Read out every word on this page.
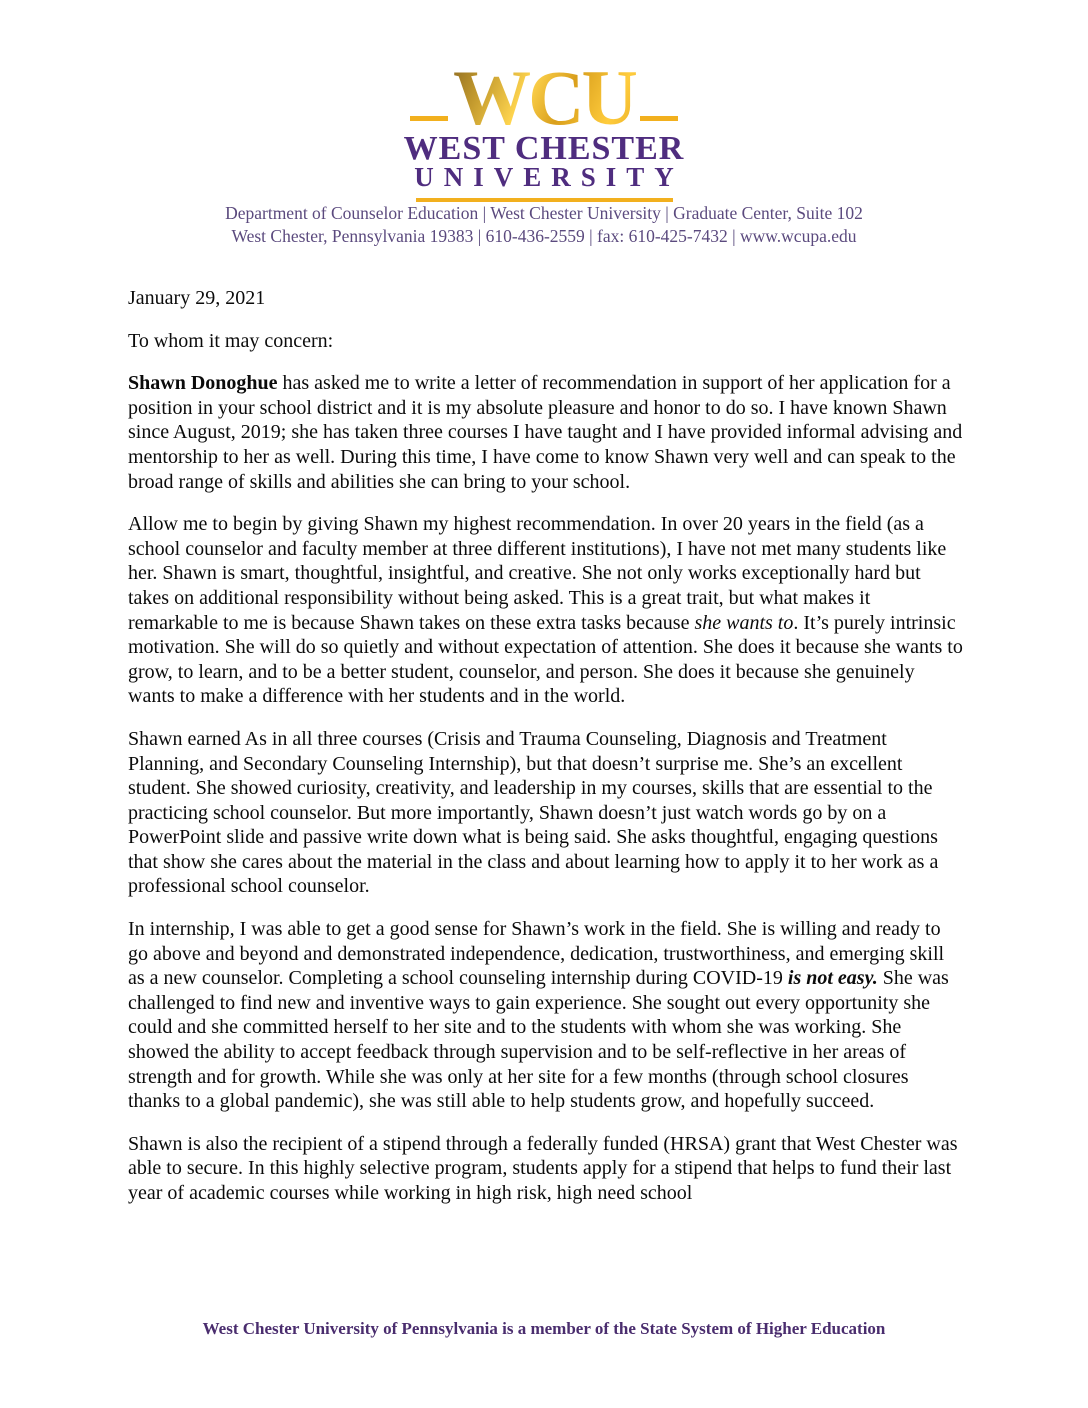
WCU
WEST CHESTER
UNIVERSITY
Department of Counselor Education | West Chester University | Graduate Center, Suite 102
West Chester, Pennsylvania 19383 | 610-436-2559 | fax: 610-425-7432 | www.wcupa.edu

January 29, 2021

To whom it may concern:

Shawn Donoghue has asked me to write a letter of recommendation in support of her application for a position in your school district and it is my absolute pleasure and honor to do so. I have known Shawn since August, 2019; she has taken three courses I have taught and I have provided informal advising and mentorship to her as well. During this time, I have come to know Shawn very well and can speak to the broad range of skills and abilities she can bring to your school.

Allow me to begin by giving Shawn my highest recommendation. In over 20 years in the field (as a school counselor and faculty member at three different institutions), I have not met many students like her. Shawn is smart, thoughtful, insightful, and creative. She not only works exceptionally hard but takes on additional responsibility without being asked. This is a great trait, but what makes it remarkable to me is because Shawn takes on these extra tasks because she wants to. It’s purely intrinsic motivation. She will do so quietly and without expectation of attention. She does it because she wants to grow, to learn, and to be a better student, counselor, and person. She does it because she genuinely wants to make a difference with her students and in the world.

Shawn earned As in all three courses (Crisis and Trauma Counseling, Diagnosis and Treatment Planning, and Secondary Counseling Internship), but that doesn’t surprise me. She’s an excellent student. She showed curiosity, creativity, and leadership in my courses, skills that are essential to the practicing school counselor. But more importantly, Shawn doesn’t just watch words go by on a PowerPoint slide and passive write down what is being said. She asks thoughtful, engaging questions that show she cares about the material in the class and about learning how to apply it to her work as a professional school counselor.

In internship, I was able to get a good sense for Shawn’s work in the field. She is willing and ready to go above and beyond and demonstrated independence, dedication, trustworthiness, and emerging skill as a new counselor. Completing a school counseling internship during COVID-19 is not easy. She was challenged to find new and inventive ways to gain experience. She sought out every opportunity she could and she committed herself to her site and to the students with whom she was working. She showed the ability to accept feedback through supervision and to be self-reflective in her areas of strength and for growth. While she was only at her site for a few months (through school closures thanks to a global pandemic), she was still able to help students grow, and hopefully succeed.

Shawn is also the recipient of a stipend through a federally funded (HRSA) grant that West Chester was able to secure. In this highly selective program, students apply for a stipend that helps to fund their last year of academic courses while working in high risk, high need school

West Chester University of Pennsylvania is a member of the State System of Higher Education
